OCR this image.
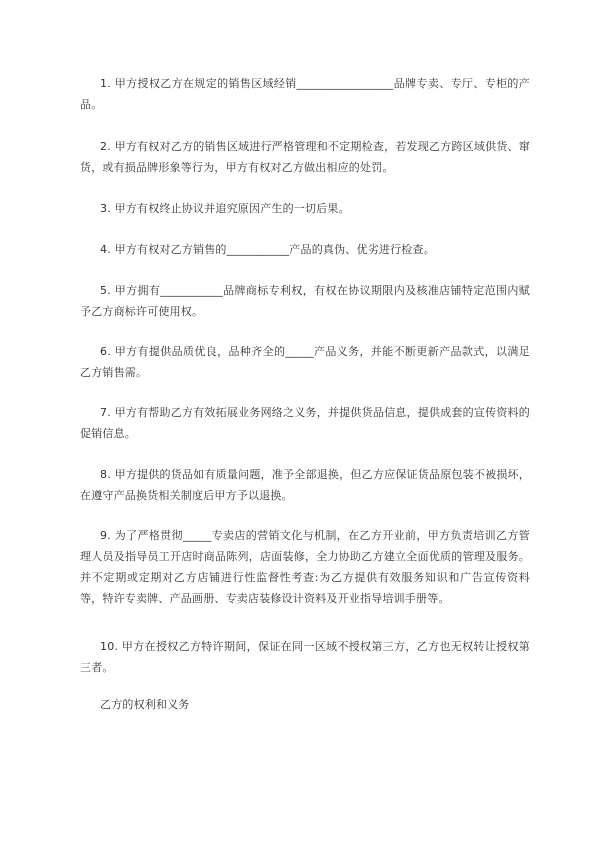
1. 甲方授权乙方在规定的销售区域经销_________________品牌专卖、专厅、专柜的产品。

2. 甲方有权对乙方的销售区域进行严格管理和不定期检查，若发现乙方跨区域供货、窜货，或有损品牌形象等行为，甲方有权对乙方做出相应的处罚。

3. 甲方有权终止协议并追究原因产生的一切后果。

4. 甲方有权对乙方销售的___________产品的真伪、优劣进行检查。

5. 甲方拥有___________品牌商标专利权，有权在协议期限内及核准店铺特定范围内赋予乙方商标许可使用权。

6. 甲方有提供品质优良，品种齐全的_____产品义务，并能不断更新产品款式，以满足乙方销售需。

7. 甲方有帮助乙方有效拓展业务网络之义务，并提供货品信息，提供成套的宣传资料的促销信息。

8. 甲方提供的货品如有质量问题，准予全部退换，但乙方应保证货品原包装不被损坏，在遵守产品换货相关制度后甲方予以退换。

9. 为了严格贯彻_____专卖店的营销文化与机制，在乙方开业前，甲方负责培训乙方管理人员及指导员工开店时商品陈列，店面装修，全力协助乙方建立全面优质的管理及服务。并不定期或定期对乙方店铺进行性监督性考查:为乙方提供有效服务知识和广告宣传资料等，特许专卖牌、产品画册、专卖店装修设计资料及开业指导培训手册等。

10. 甲方在授权乙方特许期间，保证在同一区域不授权第三方，乙方也无权转让授权第三者。

乙方的权利和义务
